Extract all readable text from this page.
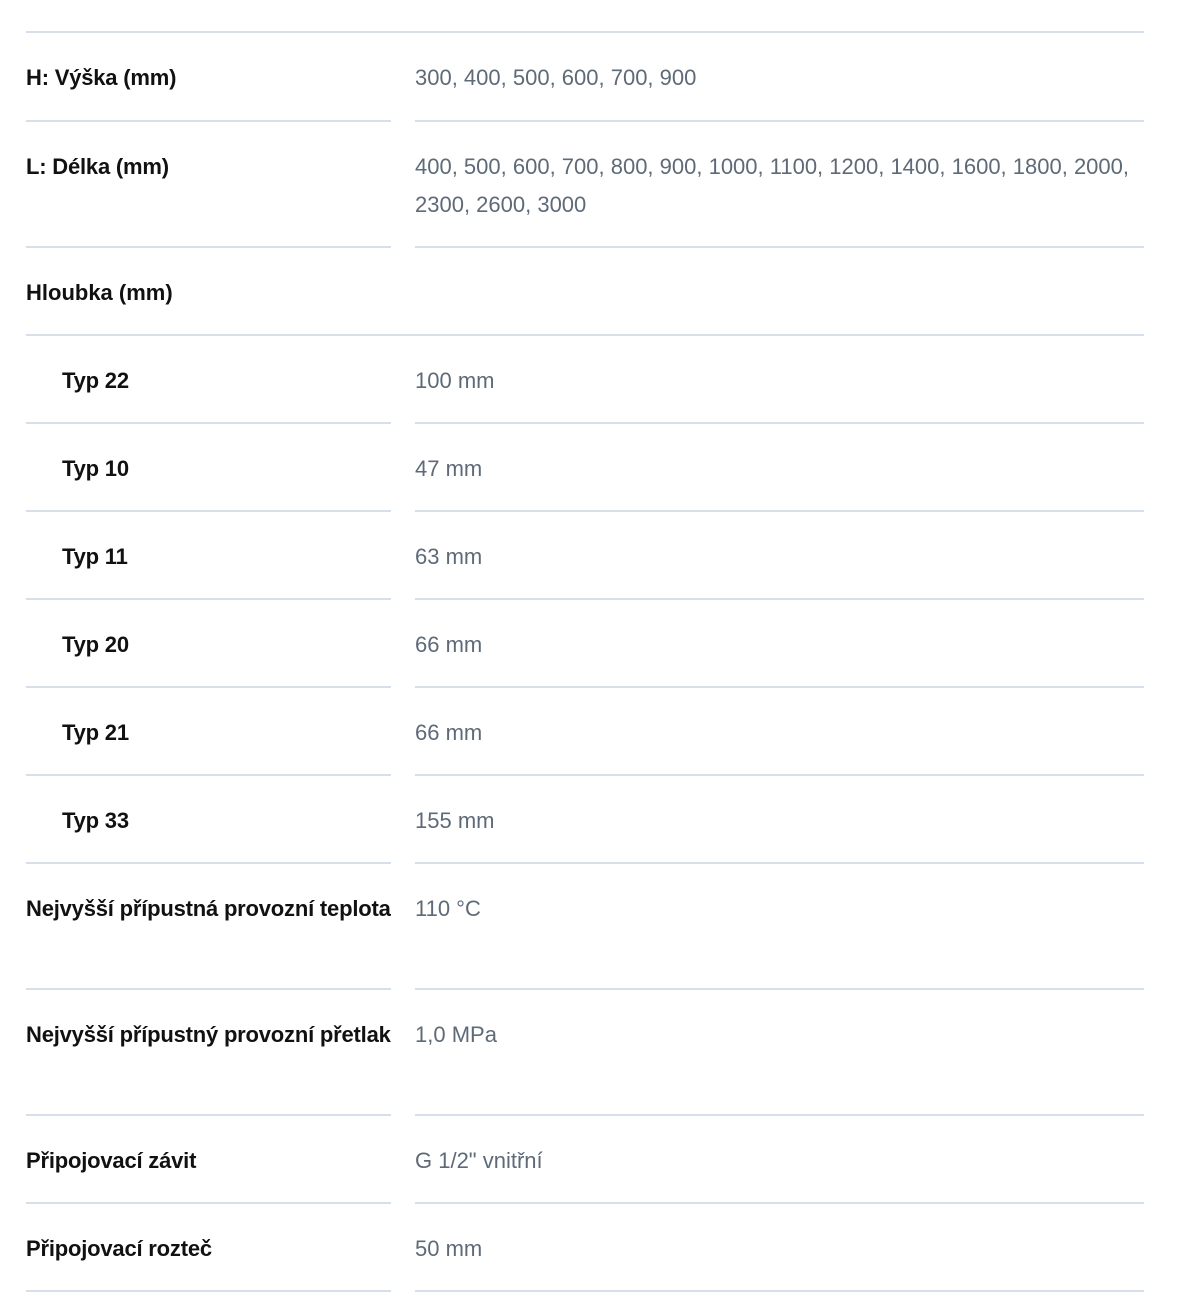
H: Výška (mm)	300, 400, 500, 600, 700, 900
L: Délka (mm)	400, 500, 600, 700, 800, 900, 1000, 1100, 1200, 1400, 1600, 1800, 2000, 2300, 2600, 3000
Hloubka (mm)
Typ 22	100 mm
Typ 10	47 mm
Typ 11	63 mm
Typ 20	66 mm
Typ 21	66 mm
Typ 33	155 mm
Nejvyšší přípustná provozní teplota 110 °C
Nejvyšší přípustný provozní přetlak 1,0 MPa
Připojovací závit	G 1/2" vnitřní
Připojovací rozteč	50 mm
